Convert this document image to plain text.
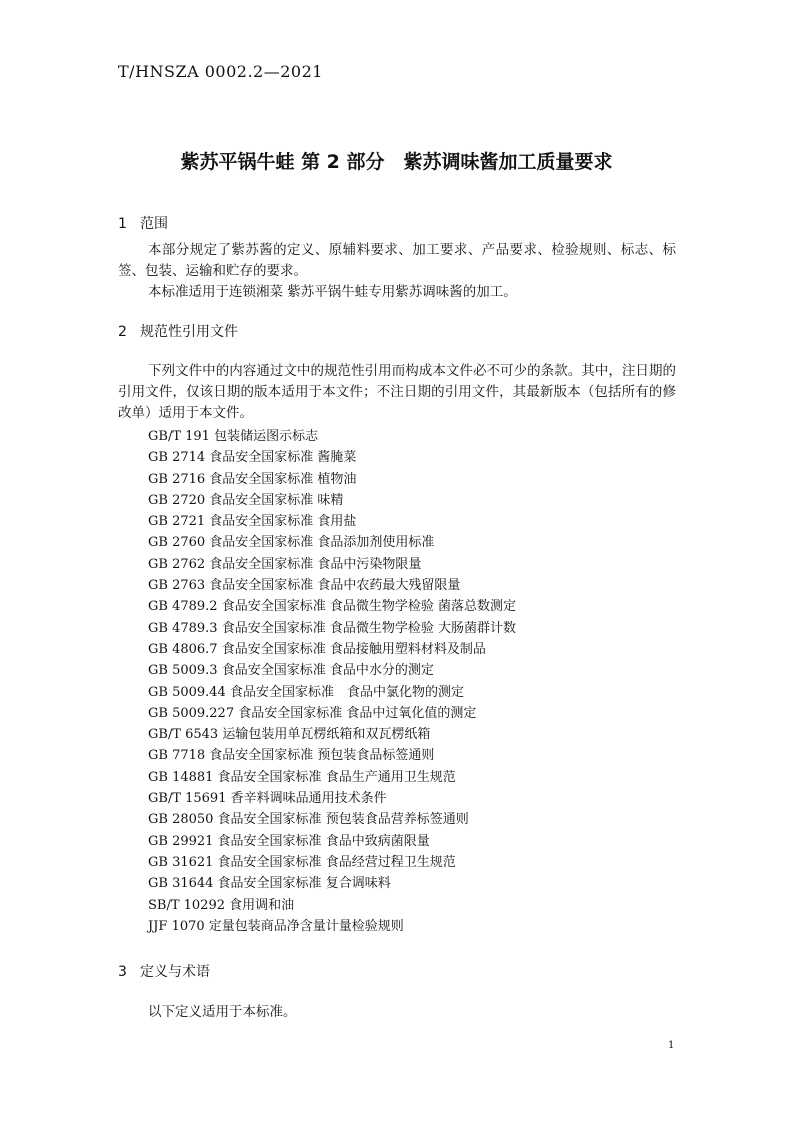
T/HNSZA 0002.2—2021
紫苏平锅牛蛙 第 2 部分　紫苏调味酱加工质量要求
1 范围

本部分规定了紫苏酱的定义、原辅料要求、加工要求、产品要求、检验规则、标志、标签、包装、运输和贮存的要求。

本标准适用于连锁湘菜 紫苏平锅牛蛙专用紫苏调味酱的加工。

2 规范性引用文件

下列文件中的内容通过文中的规范性引用而构成本文件必不可少的条款。其中，注日期的引用文件，仅该日期的版本适用于本文件；不注日期的引用文件，其最新版本（包括所有的修改单）适用于本文件。

GB/T 191 包装储运图示标志
GB 2714 食品安全国家标准 酱腌菜
GB 2716 食品安全国家标准 植物油
GB 2720 食品安全国家标准 味精
GB 2721 食品安全国家标准 食用盐
GB 2760 食品安全国家标准 食品添加剂使用标准
GB 2762 食品安全国家标准 食品中污染物限量
GB 2763 食品安全国家标准 食品中农药最大残留限量
GB 4789.2 食品安全国家标准 食品微生物学检验 菌落总数测定
GB 4789.3 食品安全国家标准 食品微生物学检验 大肠菌群计数
GB 4806.7 食品安全国家标准 食品接触用塑料材料及制品
GB 5009.3 食品安全国家标准 食品中水分的测定
GB 5009.44 食品安全国家标准　食品中氯化物的测定
GB 5009.227 食品安全国家标准 食品中过氧化值的测定
GB/T 6543 运输包装用单瓦楞纸箱和双瓦楞纸箱
GB 7718 食品安全国家标准 预包装食品标签通则
GB 14881 食品安全国家标准 食品生产通用卫生规范
GB/T 15691 香辛料调味品通用技术条件
GB 28050 食品安全国家标准 预包装食品营养标签通则
GB 29921 食品安全国家标准 食品中致病菌限量
GB 31621 食品安全国家标准 食品经营过程卫生规范
GB 31644 食品安全国家标准 复合调味料
SB/T 10292 食用调和油
JJF 1070 定量包装商品净含量计量检验规则
3 定义与术语

以下定义适用于本标准。

1
